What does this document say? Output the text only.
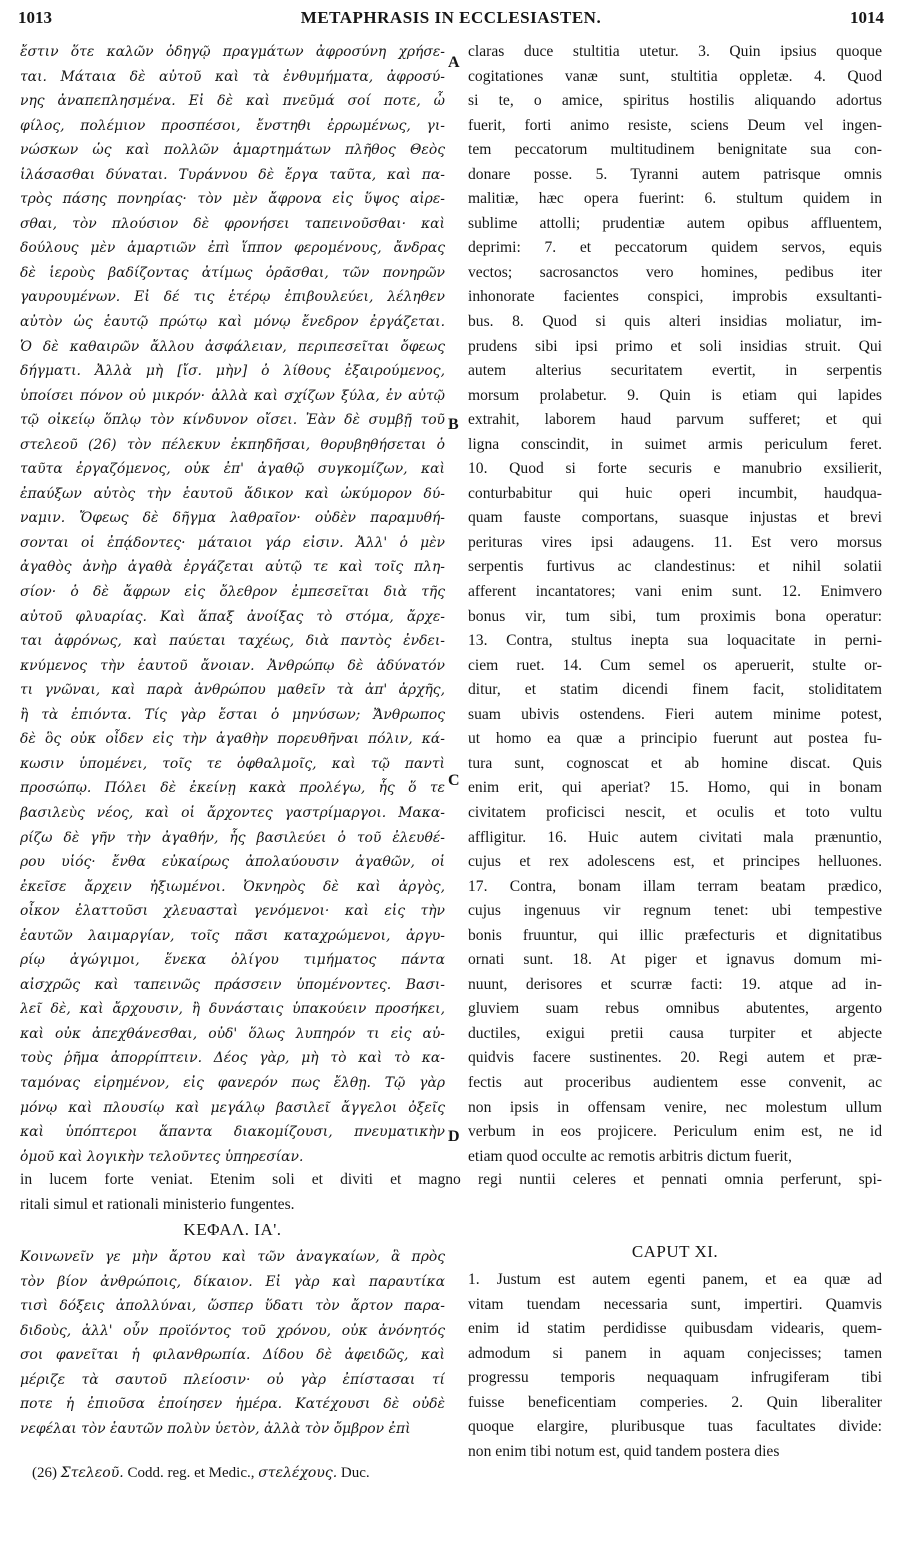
1013	METAPHRASIS IN ECCLESIASTEN.	1014
ἔστιν ὅτε καλῶν ὁδηγῷ πραγμάτων ἀφροσύνη χρήσε-
ται. Μάταια δὲ αὐτοῦ καὶ τὰ ἐνθυμήματα, ἀφροσύ-
νης ἀναπεπλησμένα. Εἰ δὲ καὶ πνεῦμά σοί ποτε, ὦ
φίλος, πολέμιον προσπέσοι, ἔνστηθι ἐρρωμένως, γι-
νώσκων ὡς καὶ πολλῶν ἁμαρτημάτων πλῆθος Θεὸς
ἱλάσασθαι δύναται. Τυράννου δὲ ἔργα ταῦτα, καὶ πα-
τρὸς πάσης πονηρίας· τὸν μὲν ἄφρονα εἰς ὕψος αἰρε-
σθαι, τὸν πλούσιον δὲ φρονήσει ταπεινοῦσθαι· καὶ
δούλους μὲν ἁμαρτιῶν ἐπὶ ἵππον φερομένους, ἄνδρας
δὲ ἱεροὺς βαδίζοντας ἀτίμως ὁρᾶσθαι, τῶν πονηρῶν
γαυρουμένων. Εἰ δέ τις ἑτέρῳ ἐπιβουλεύει, λέληθεν
αὐτὸν ὡς ἑαυτῷ πρώτῳ καὶ μόνῳ ἔνεδρον ἐργάζεται.
Ὁ δὲ καθαιρῶν ἄλλου ἀσφάλειαν, περιπεσεῖται ὄφεως
δήγματι. Ἀλλὰ μὴ [ἴσ. μὴν] ὁ λίθους ἐξαιρούμενος,
ὑποίσει πόνον οὐ μικρόν· ἀλλὰ καὶ σχίζων ξύλα, ἐν αὐτῷ
τῷ οἰκείῳ ὅπλῳ τὸν κίνδυνον οἴσει. Ἐὰν δὲ συμβῇ τοῦ
στελεοῦ (26) τὸν πέλεκυν ἐκπηδῆσαι, θορυβηθήσεται ὁ
ταῦτα ἐργαζόμενος, οὐκ ἐπ' ἀγαθῷ συγκομίζων, καὶ
ἐπαύξων αὐτὸς τὴν ἑαυτοῦ ἄδικον καὶ ὠκύμορον δύ-
ναμιν. Ὄφεως δὲ δῆγμα λαθραῖον· οὐδὲν παραμυθή-
σονται οἱ ἐπᾴδοντες· μάταιοι γάρ εἰσιν. Ἀλλ' ὁ μὲν
ἀγαθὸς ἀνὴρ ἀγαθὰ ἐργάζεται αὑτῷ τε καὶ τοῖς πλη-
σίον· ὁ δὲ ἄφρων εἰς ὄλεθρον ἐμπεσεῖται διὰ τῆς
αὐτοῦ φλυαρίας. Καὶ ἅπαξ ἀνοίξας τὸ στόμα, ἄρχε-
ται ἀφρόνως, καὶ παύεται ταχέως, διὰ παντὸς ἐνδει-
κνύμενος τὴν ἑαυτοῦ ἄνοιαν. Ἀνθρώπῳ δὲ ἀδύνατόν
τι γνῶναι, καὶ παρὰ ἀνθρώπου μαθεῖν τὰ ἀπ' ἀρχῆς,
ἢ τὰ ἐπιόντα. Τίς γὰρ ἔσται ὁ μηνύσων; Ἄνθρωπος
δὲ ὃς οὐκ οἶδεν εἰς τὴν ἀγαθὴν πορευθῆναι πόλιν, κά-
κωσιν ὑπομένει, τοῖς τε ὀφθαλμοῖς, καὶ τῷ παντὶ
προσώπῳ. Πόλει δὲ ἐκείνῃ κακὰ προλέγω, ἧς ὅ τε
βασιλεὺς νέος, καὶ οἱ ἄρχοντες γαστρίμαργοι. Μακα-
ρίζω δὲ γῆν τὴν ἀγαθήν, ἧς βασιλεύει ὁ τοῦ ἐλευθέ-
ρου υἱός· ἔνθα εὐκαίρως ἀπολαύουσιν ἀγαθῶν, οἱ
ἐκεῖσε ἄρχειν ἠξιωμένοι. Ὀκνηρὸς δὲ καὶ ἀργὸς,
οἶκον ἐλαττοῦσι χλευασταὶ γενόμενοι· καὶ εἰς τὴν
ἑαυτῶν λαιμαργίαν, τοῖς πᾶσι καταχρώμενοι, ἀργυ-
ρίῳ ἀγώγιμοι, ἕνεκα ὀλίγου τιμήματος πάντα
αἰσχρῶς καὶ ταπεινῶς πράσσειν ὑπομένοντες. Βασι-
λεῖ δὲ, καὶ ἄρχουσιν, ἢ δυνάσταις ὑπακούειν προσήκει,
καὶ οὐκ ἀπεχθάνεσθαι, οὐδ' ὅλως λυπηρόν τι εἰς αὐ-
τοὺς ῥῆμα ἀπορρίπτειν. Δέος γὰρ, μὴ τὸ καὶ τὸ κα-
ταμόνας εἰρημένον, εἰς φανερόν πως ἔλθῃ. Τῷ γὰρ
μόνῳ καὶ πλουσίῳ καὶ μεγάλῳ βασιλεῖ ἄγγελοι ὀξεῖς
καὶ ὑπόπτεροι ἅπαντα διακομίζουσι, πνευματικὴν
ὁμοῦ καὶ λογικὴν τελοῦντες ὑπηρεσίαν.
claras duce stultitia utetur. 3. Quin ipsius quoque
cogitationes vanæ sunt, stultitia oppletæ. 4. Quod
si te, o amice, spiritus hostilis aliquando adortus
fuerit, forti animo resiste, sciens Deum vel ingen-
tem peccatorum multitudinem benignitate sua con-
donare posse. 5. Tyranni autem patrisque omnis
malitiæ, hæc opera fuerint: 6. stultum quidem in
sublime attolli; prudentiæ autem opibus affluentem,
deprimi: 7. et peccatorum quidem servos, equis
vectos; sacrosanctos vero homines, pedibus iter
inhonorate facientes conspici, improbis exsultanti-
bus. 8. Quod si quis alteri insidias moliatur, im-
prudens sibi ipsi primo et soli insidias struit. Qui
autem alterius securitatem evertit, in serpentis
morsum prolabetur. 9. Quin is etiam qui lapides
extrahit, laborem haud parvum sufferet; et qui
ligna conscindit, in suimet armis periculum feret.
10. Quod si forte securis e manubrio exsilierit,
conturbabitur qui huic operi incumbit, haudqua-
quam fauste comportans, suasque injustas et brevi
perituras vires ipsi adaugens. 11. Est vero morsus
serpentis furtivus ac clandestinus: et nihil solatii
afferent incantatores; vani enim sunt. 12. Enimvero
bonus vir, tum sibi, tum proximis bona operatur:
13. Contra, stultus inepta sua loquacitate in perni-
ciem ruet. 14. Cum semel os aperuerit, stulte or-
ditur, et statim dicendi finem facit, stoliditatem
suam ubivis ostendens. Fieri autem minime potest,
ut homo ea quæ a principio fuerunt aut postea fu-
tura sunt, cognoscat et ab homine discat. Quis
enim erit, qui aperiat? 15. Homo, qui in bonam
civitatem proficisci nescit, et oculis et toto vultu
affligitur. 16. Huic autem civitati mala prænuntio,
cujus et rex adolescens est, et principes helluones.
17. Contra, bonam illam terram beatam prædico,
cujus ingenuus vir regnum tenet: ubi tempestive
bonis fruuntur, qui illic præfecturis et dignitatibus
ornati sunt. 18. At piger et ignavus domum mi-
nuunt, derisores et scurræ facti: 19. atque ad in-
gluviem suam rebus omnibus abutentes, argento
ductiles, exigui pretii causa turpiter et abjecte
quidvis facere sustinentes. 20. Regi autem et præ-
fectis aut proceribus audientem esse convenit, ac
non ipsis in offensam venire, nec molestum ullum
verbum in eos projicere. Periculum enim est, ne id
etiam quod occulte ac remotis arbitris dictum fuerit,
A
B
C
D
in lucem forte veniat. Etenim soli et diviti et magno regi nuntii celeres et pennati omnia perferunt, spi-
ritali simul et rationali ministerio fungentes.
ΚΕΦΑΛ. ΙΑ'.
CAPUT XI.
Κοινωνεῖν γε μὴν ἄρτου καὶ τῶν ἀναγκαίων, ἃ πρὸς
τὸν βίον ἀνθρώποις, δίκαιον. Εἰ γὰρ καὶ παραυτίκα
τισὶ δόξεις ἀπολλύναι, ὥσπερ ὕδατι τὸν ἄρτον παρα-
διδοὺς, ἀλλ' οὖν προϊόντος τοῦ χρόνου, οὐκ ἀνόνητός
σοι φανεῖται ἡ φιλανθρωπία. Δίδου δὲ ἀφειδῶς, καὶ
μέριζε τὰ σαυτοῦ πλείοσιν· οὐ γὰρ ἐπίστασαι τί
ποτε ἡ ἐπιοῦσα ἐποίησεν ἡμέρα. Κατέχουσι δὲ οὐδὲ
νεφέλαι τὸν ἑαυτῶν πολὺν ὑετὸν, ἀλλὰ τὸν ὄμβρον ἐπὶ
1. Justum est autem egenti panem, et ea quæ ad
vitam tuendam necessaria sunt, impertiri. Quamvis
enim id statim perdidisse quibusdam videaris, quem-
admodum si panem in aquam conjecisses; tamen
progressu temporis nequaquam infrugiferam tibi
fuisse beneficentiam comperies. 2. Quin liberaliter
quoque elargire, pluribusque tuas facultates divide:
non enim tibi notum est, quid tandem postera dies
(26) Στελεοῦ. Codd. reg. et Medic., στελέχους. Duc.
